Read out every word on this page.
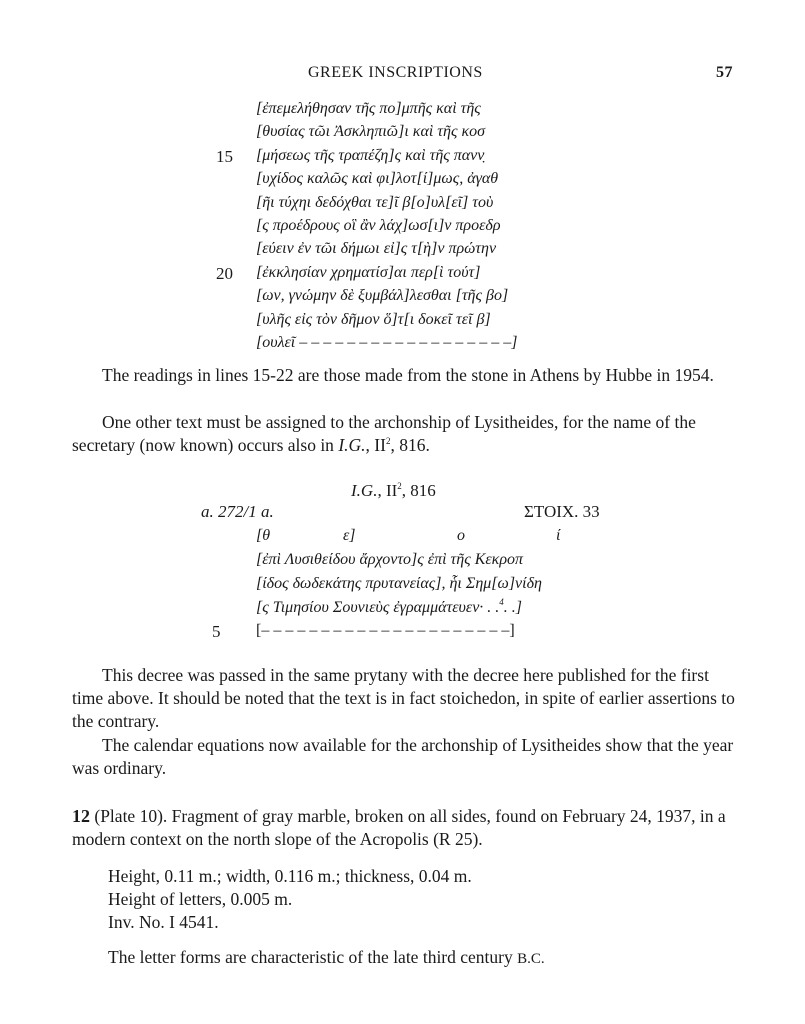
GREEK INSCRIPTIONS	57
[ἐπεμελήθησαν τῆς πο]μπῆς καὶ τῆς
[θυσίας τῶι Ἀσκληπιῶ]ι καὶ τῆς κοσ
15 [μήσεως τῆς τραπέζη]ς καὶ τῆς πανν̣
[υχίδος καλῶς καὶ φι]λοτ[ί]μως, ἀγαθ
[ῆι τύχηι δεδόχθαι τε]ῖ β[ο]υλ[εῖ] τοὺ
[ς προέδρους οἳ ἂν λάχ]ωσ[ι]ν προεδρ
[εύειν ἐν τῶι δήμωι εἰ]ς τ[ὴ]ν πρώτην
20 [ἐκκλησίαν χρηματίσ]αι περ[ὶ τούτ]
[ων, γνώμην δὲ ξυμβάλ]λεσθαι [τῆς βο]
[υλῆς εἰς τὸν δῆμον ὅ]τ[ι δοκεῖ τεῖ β]
[ουλεῖ – – – – – – – – – – – – – – – – – –]

The readings in lines 15-22 are those made from the stone in Athens by Hubbe in 1954.

One other text must be assigned to the archonship of Lysitheides, for the name of the secretary (now known) occurs also in I.G., $II^2$, 816.

I.G., $II^2$, 816
a. 272/1 a.	ΣΤΟΙΧ. 33
[θ	ε]	ο	ί
[ἐπὶ Λυσιθείδου ἄρχοντο]ς ἐπὶ τῆς Κεκροπ
[ίδος δωδεκάτης πρυτανείας], ἧι Σημ[ω]νίδη
[ς Τιμησίου Σουνιεὺς ἐγραμμάτευεν· . .$^4$. .]
5 [– – – – – – – – – – – – – – – – – – – – –]

This decree was passed in the same prytany with the decree here published for the first time above. It should be noted that the text is in fact stoichedon, in spite of earlier assertions to the contrary.

The calendar equations now available for the archonship of Lysitheides show that the year was ordinary.

12 (Plate 10). Fragment of gray marble, broken on all sides, found on February 24, 1937, in a modern context on the north slope of the Acropolis (R 25).

Height, 0.11 m.; width, 0.116 m.; thickness, 0.04 m.

Height of letters, 0.005 m.

Inv. No. I 4541.

The letter forms are characteristic of the late third century B.C.
